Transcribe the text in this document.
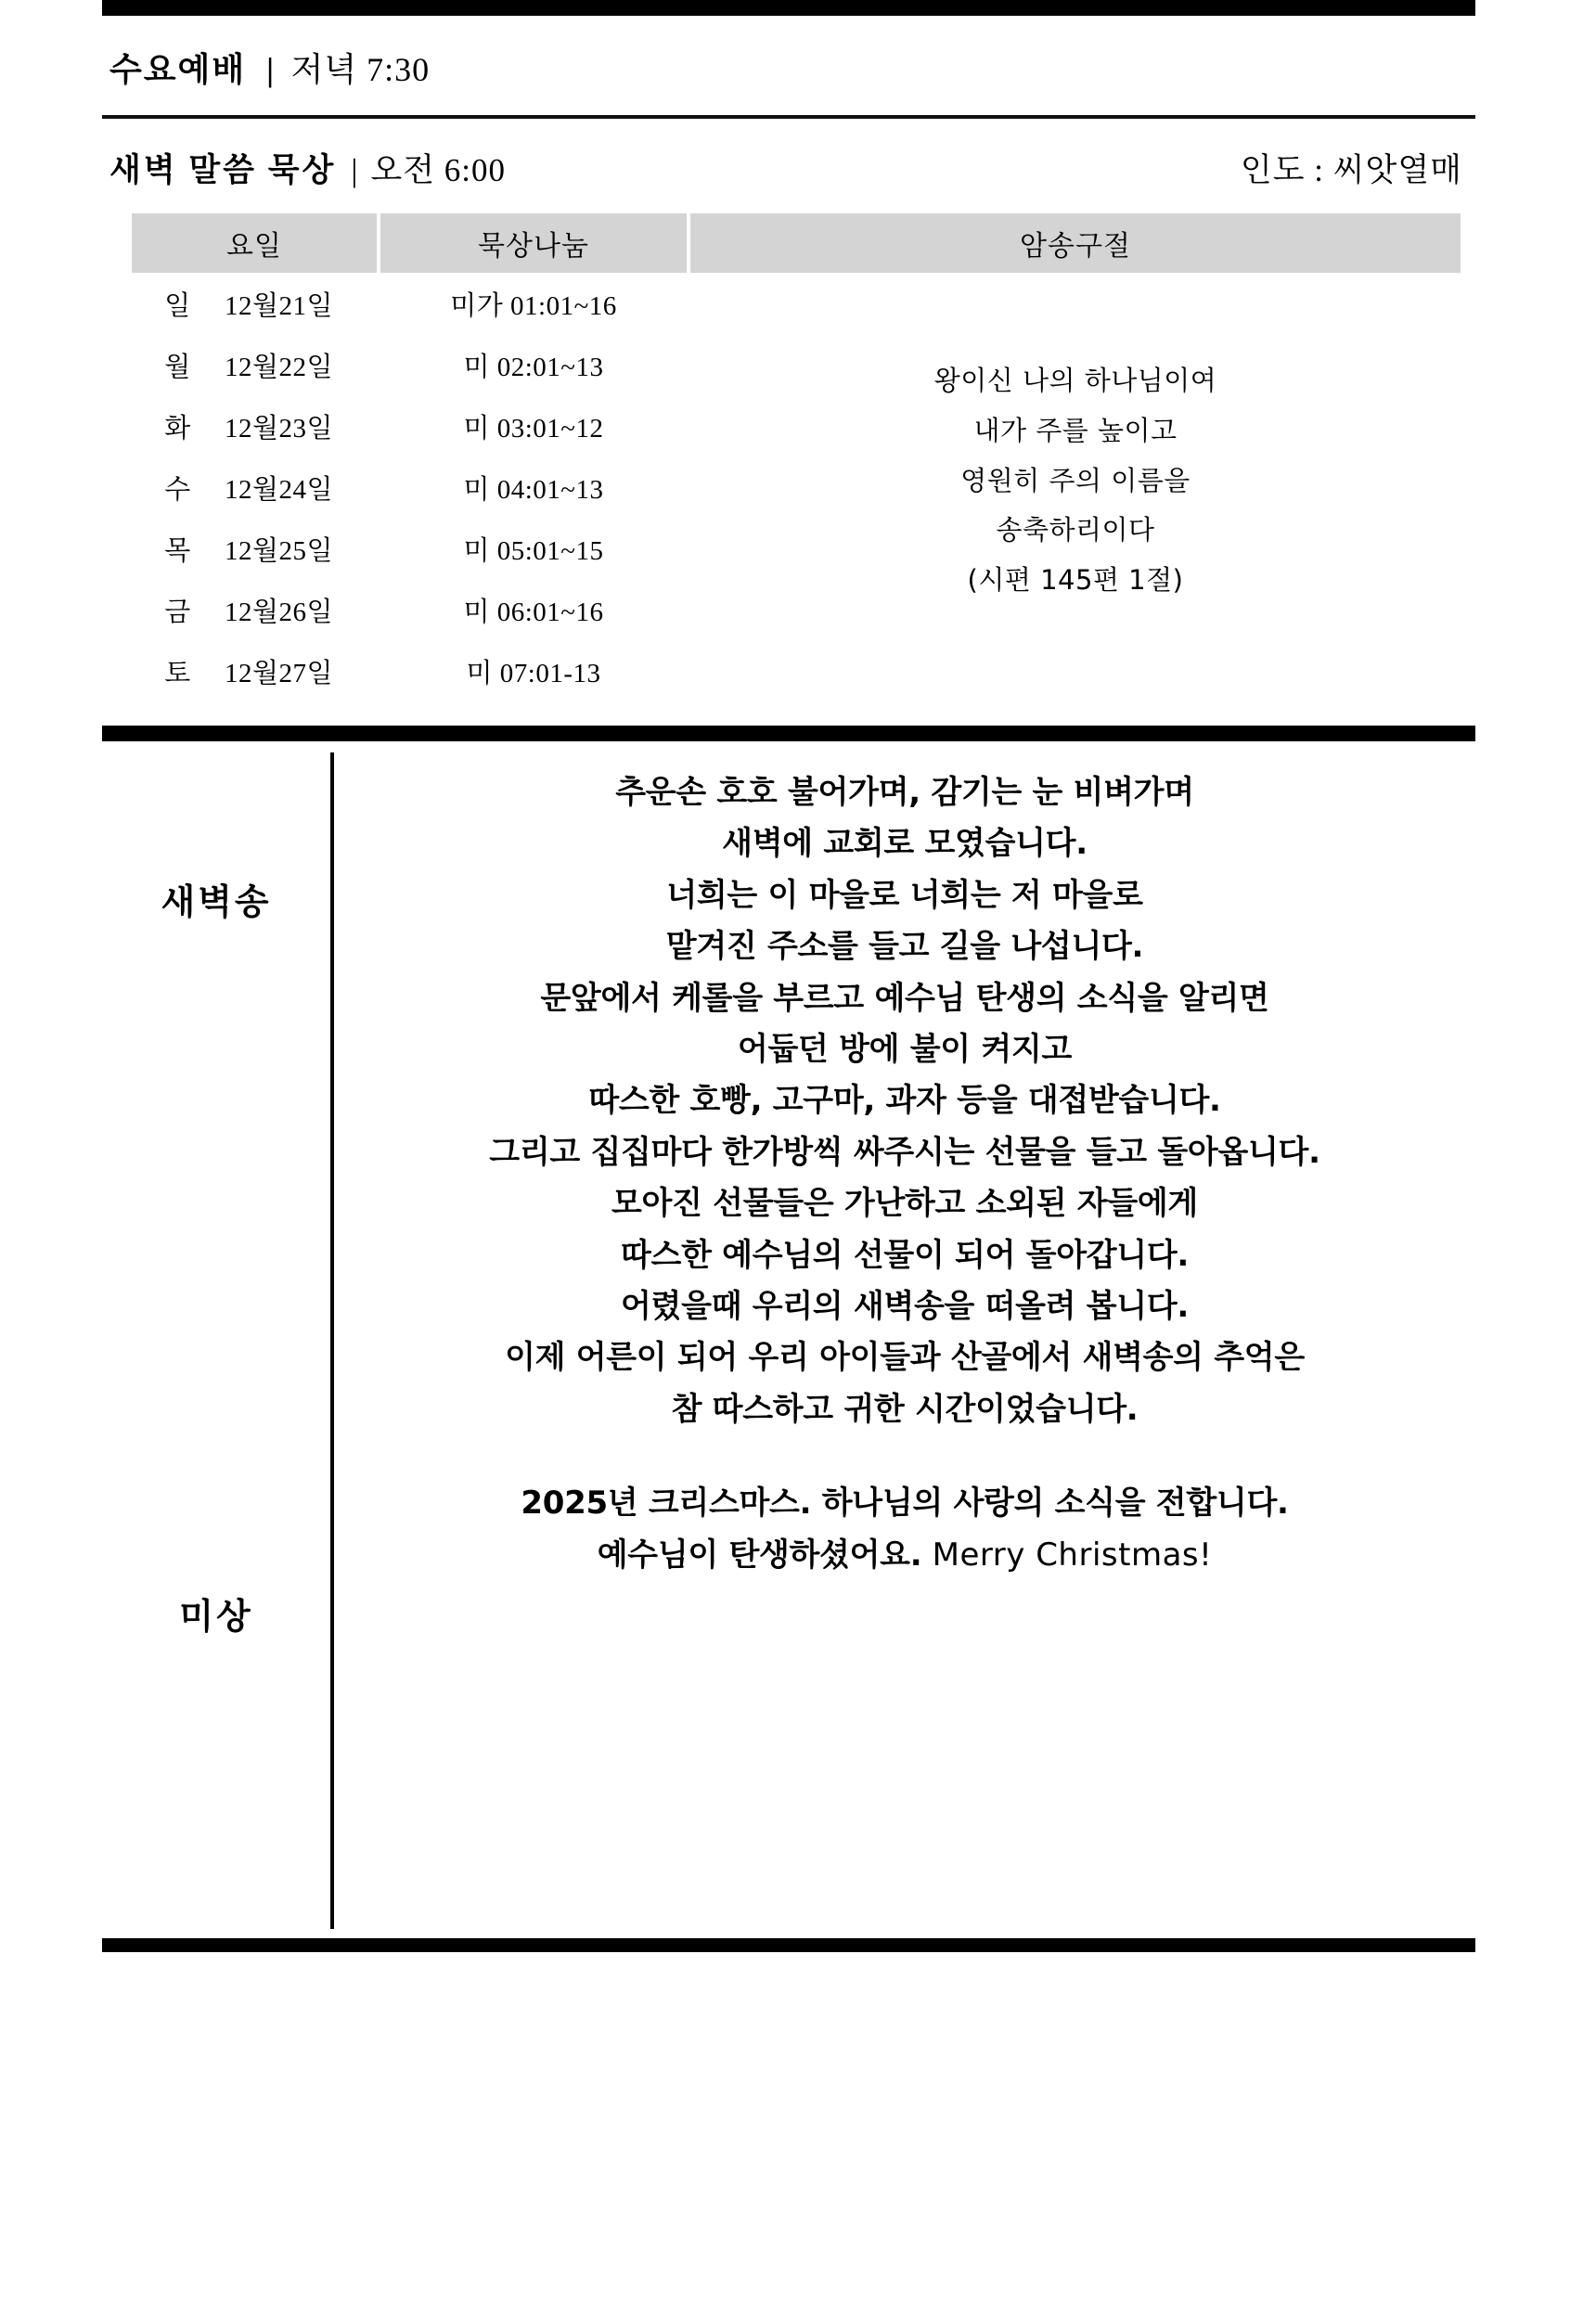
수요예배 | 저녁 7:30
새벽 말씀 묵상 | 오전 6:00	인도 : 씨앗열매
요일		묵상나눔	암송구절
일	12월21일	미가 01:01~16	왕이신 나의 하나님이여
내가 주를 높이고
영원히 주의 이름을
송축하리이다
(시편 145편 1절)

월	12월22일	미 02:01~13	
화	12월23일	미 03:01~12	
수	12월24일	미 04:01~13	
목	12월25일	미 05:01~15	
금	12월26일	미 06:01~16	
토	12월27일	미 07:01-13	
새벽송
미상

추운손 호호 불어가며, 감기는 눈 비벼가며

새벽에 교회로 모였습니다.

너희는 이 마을로 너희는 저 마을로

맡겨진 주소를 들고 길을 나섭니다.

문앞에서 케롤을 부르고 예수님 탄생의 소식을 알리면

어둡던 방에 불이 켜지고

따스한 호빵, 고구마, 과자 등을 대접받습니다.

그리고 집집마다 한가방씩 싸주시는 선물을 들고 돌아옵니다.

모아진 선물들은 가난하고 소외된 자들에게

따스한 예수님의 선물이 되어 돌아갑니다.

어렸을때 우리의 새벽송을 떠올려 봅니다.

이제 어른이 되어 우리 아이들과 산골에서 새벽송의 추억은

참 따스하고 귀한 시간이었습니다.

2025년 크리스마스. 하나님의 사랑의 소식을 전합니다.

예수님이 탄생하셨어요. Merry Christmas!
